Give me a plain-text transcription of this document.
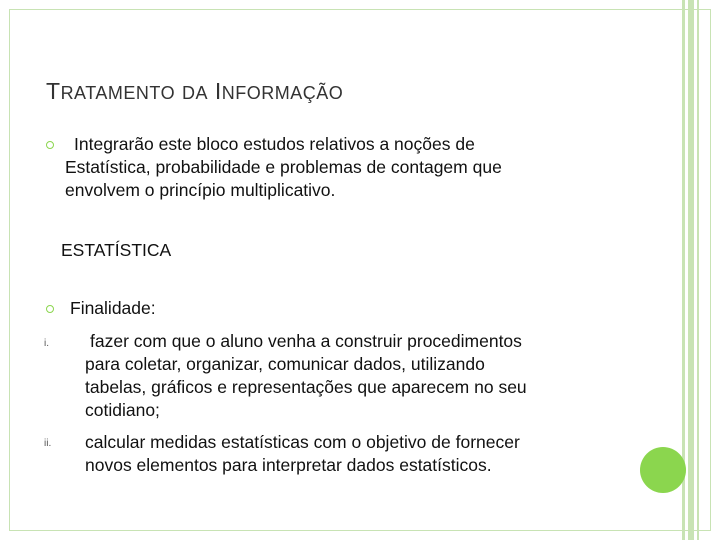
TRATAMENTO DA INFORMAÇÃO
Integrarão este bloco estudos relativos a noções de
Estatística, probabilidade e problemas de contagem que
envolvem o princípio multiplicativo.
ESTATÍSTICA
Finalidade:
i. fazer com que o aluno venha a construir procedimentos
para coletar, organizar, comunicar dados, utilizando
tabelas, gráficos e representações que aparecem no seu
cotidiano;
ii. calcular medidas estatísticas com o objetivo de fornecer
novos elementos para interpretar dados estatísticos.
